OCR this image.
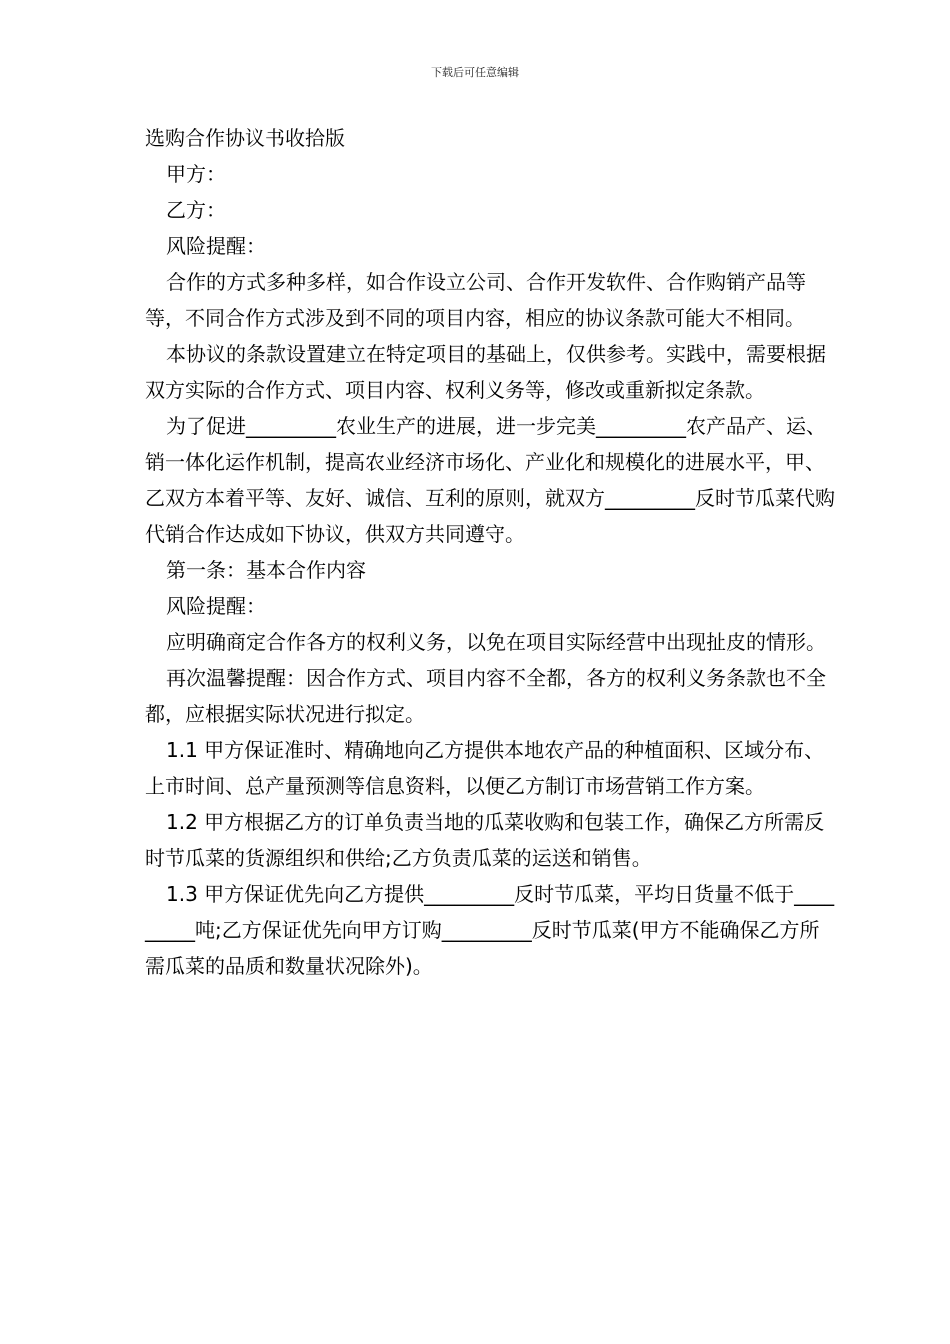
下载后可任意编辑

选购合作协议书收拾版

甲方：

乙方：

风险提醒：

合作的方式多种多样，如合作设立公司、合作开发软件、合作购销产品等等，不同合作方式涉及到不同的项目内容，相应的协议条款可能大不相同。

本协议的条款设置建立在特定项目的基础上，仅供参考。实践中，需要根据双方实际的合作方式、项目内容、权利义务等，修改或重新拟定条款。

为了促进_________农业生产的进展，进一步完美_________农产品产、运、销一体化运作机制，提高农业经济市场化、产业化和规模化的进展水平，甲、乙双方本着平等、友好、诚信、互利的原则，就双方_________反时节瓜菜代购代销合作达成如下协议，供双方共同遵守。

第一条：基本合作内容

风险提醒：

应明确商定合作各方的权利义务，以免在项目实际经营中出现扯皮的情形。

再次温馨提醒：因合作方式、项目内容不全都，各方的权利义务条款也不全都，应根据实际状况进行拟定。

1.1 甲方保证准时、精确地向乙方提供本地农产品的种植面积、区域分布、上市时间、总产量预测等信息资料，以便乙方制订市场营销工作方案。

1.2 甲方根据乙方的订单负责当地的瓜菜收购和包装工作，确保乙方所需反时节瓜菜的货源组织和供给;乙方负责瓜菜的运送和销售。

1.3 甲方保证优先向乙方提供_________反时节瓜菜，平均日货量不低于_________吨;乙方保证优先向甲方订购_________反时节瓜菜(甲方不能确保乙方所需瓜菜的品质和数量状况除外)。
